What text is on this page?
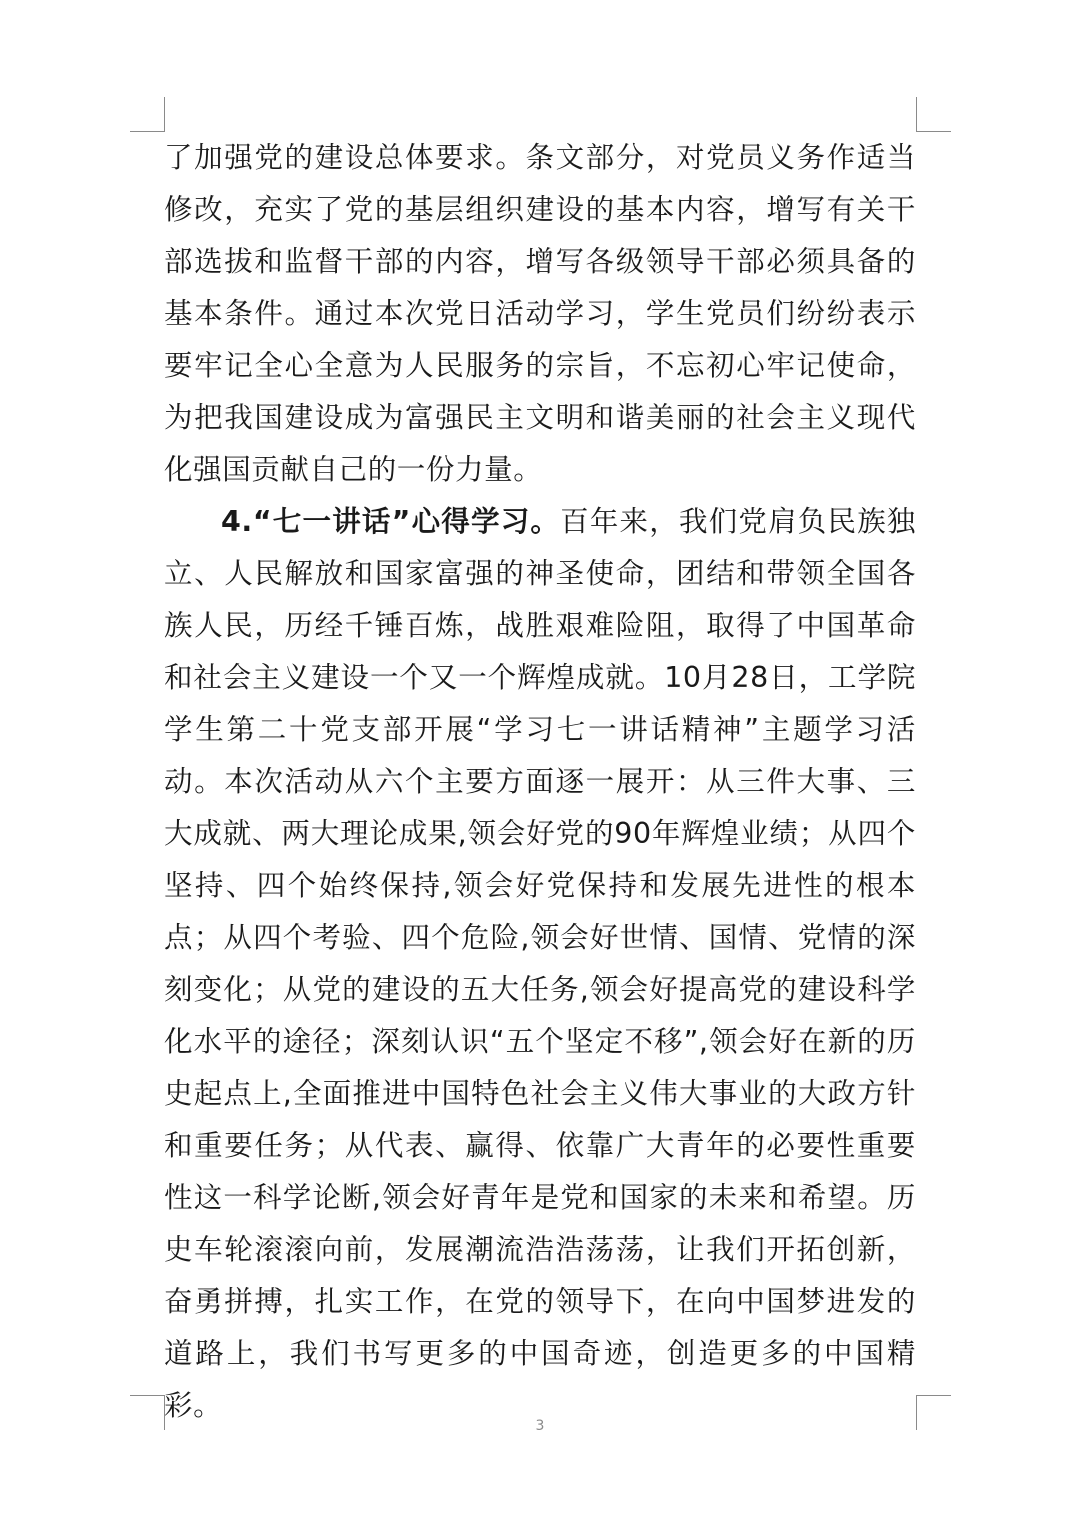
了加强党的建设总体要求。条文部分，对党员义务作适当修改，充实了党的基层组织建设的基本内容，增写有关干部选拔和监督干部的内容，增写各级领导干部必须具备的基本条件。通过本次党日活动学习，学生党员们纷纷表示要牢记全心全意为人民服务的宗旨，不忘初心牢记使命，为把我国建设成为富强民主文明和谐美丽的社会主义现代化强国贡献自己的一份力量。

4.“七一讲话”心得学习。百年来，我们党肩负民族独立、人民解放和国家富强的神圣使命，团结和带领全国各族人民，历经千锤百炼，战胜艰难险阻，取得了中国革命和社会主义建设一个又一个辉煌成就。10月28日，工学院学生第二十党支部开展“学习七一讲话精神”主题学习活动。本次活动从六个主要方面逐一展开：从三件大事、三大成就、两大理论成果,领会好党的90年辉煌业绩；从四个坚持、四个始终保持,领会好党保持和发展先进性的根本点；从四个考验、四个危险,领会好世情、国情、党情的深刻变化；从党的建设的五大任务,领会好提高党的建设科学化水平的途径；深刻认识“五个坚定不移”,领会好在新的历史起点上,全面推进中国特色社会主义伟大事业的大政方针和重要任务；从代表、赢得、依靠广大青年的必要性重要性这一科学论断,领会好青年是党和国家的未来和希望。历史车轮滚滚向前，发展潮流浩浩荡荡，让我们开拓创新，奋勇拼搏，扎实工作，在党的领导下，在向中国梦进发的道路上，我们书写更多的中国奇迹，创造更多的中国精彩。

3
